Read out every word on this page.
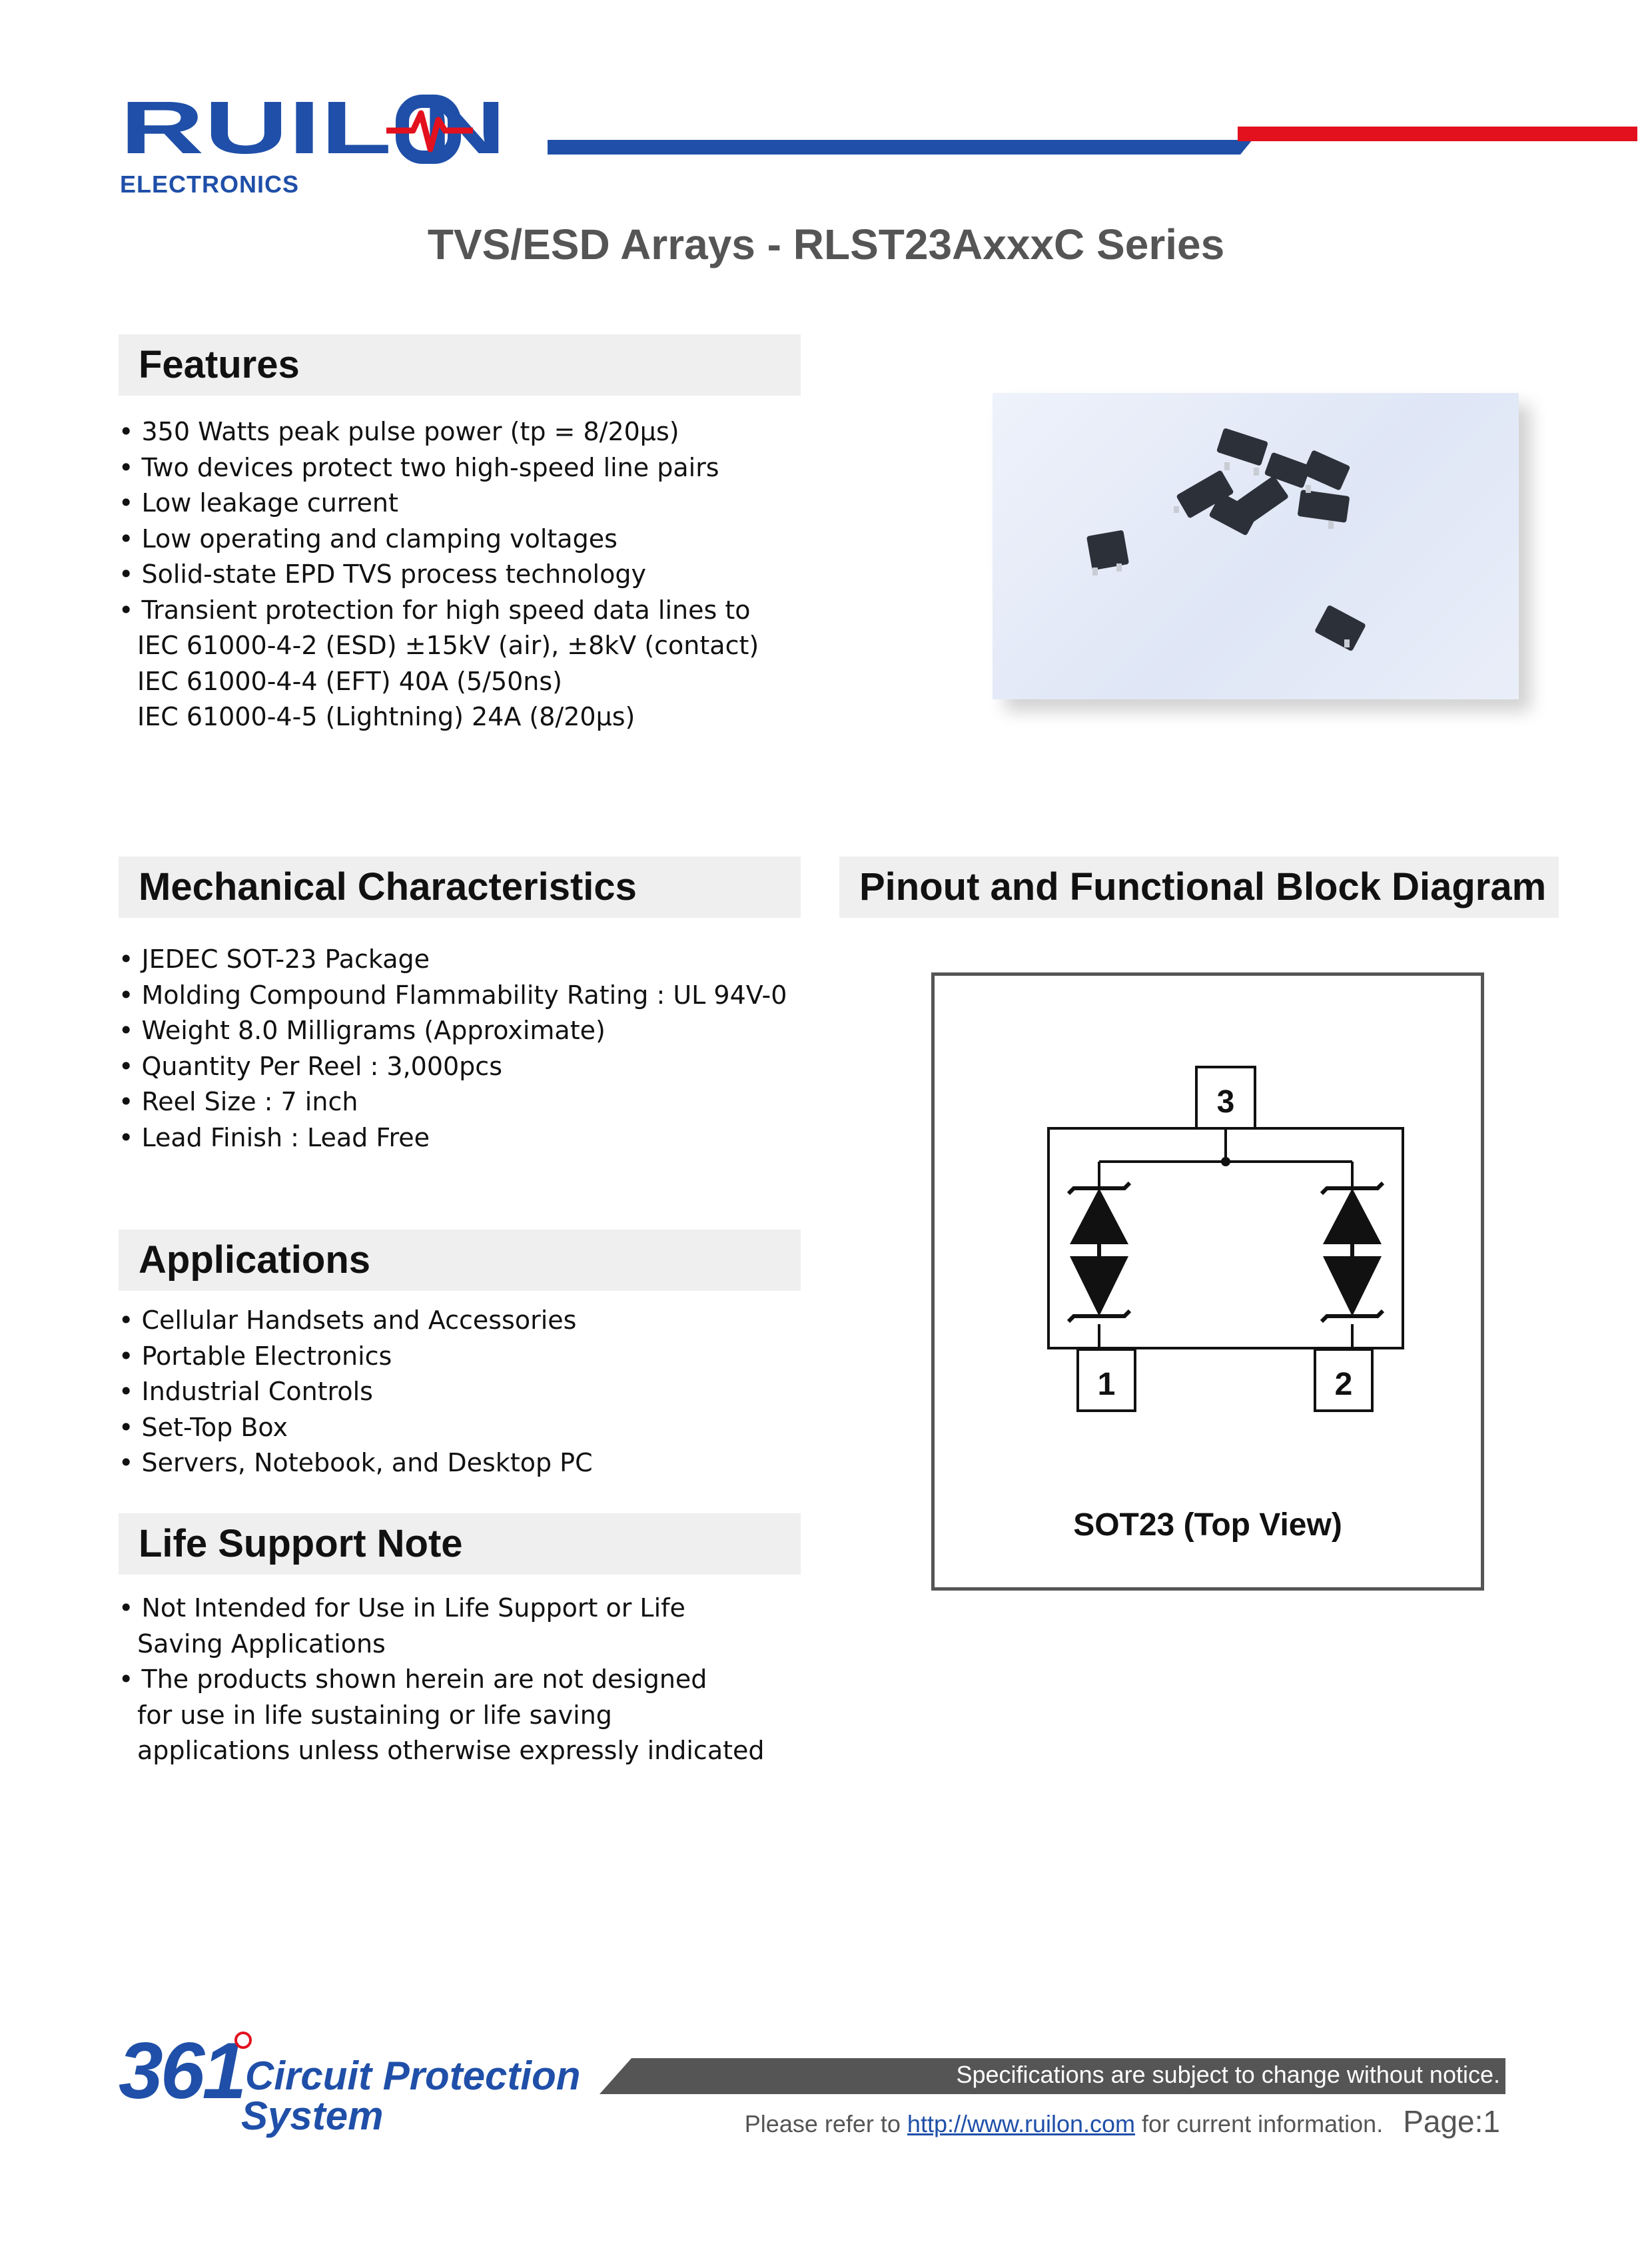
RUIL N
ELECTRONICS
TVS/ESD Arrays - RLST23AxxxC Series
Features
• 350 Watts peak pulse power (tp = 8/20µs)
• Two devices protect two high-speed line pairs
• Low leakage current
• Low operating and clamping voltages
• Solid-state EPD TVS process technology
• Transient protection for high speed data lines to
IEC 61000-4-2 (ESD) ±15kV (air), ±8kV (contact)
IEC 61000-4-4 (EFT) 40A (5/50ns)
IEC 61000-4-5 (Lightning) 24A (8/20µs)
Mechanical Characteristics
• JEDEC SOT-23 Package
• Molding Compound Flammability Rating : UL 94V-0
• Weight 8.0 Milligrams (Approximate)
• Quantity Per Reel : 3,000pcs
• Reel Size : 7 inch
• Lead Finish : Lead Free
Pinout and Functional Block Diagram
3
1	2
SOT23 (Top View)
Applications
• Cellular Handsets and Accessories
• Portable Electronics
• Industrial Controls
• Set-Top Box
• Servers, Notebook, and Desktop PC
Life Support Note
• Not Intended for Use in Life Support or Life
Saving Applications
• The products shown herein are not designed
for use in life sustaining or life saving
applications unless otherwise expressly indicated
361 Circuit Protection
System
Specifications are subject to change without notice.
Please refer to http://www.ruilon.com for current information. Page:1
